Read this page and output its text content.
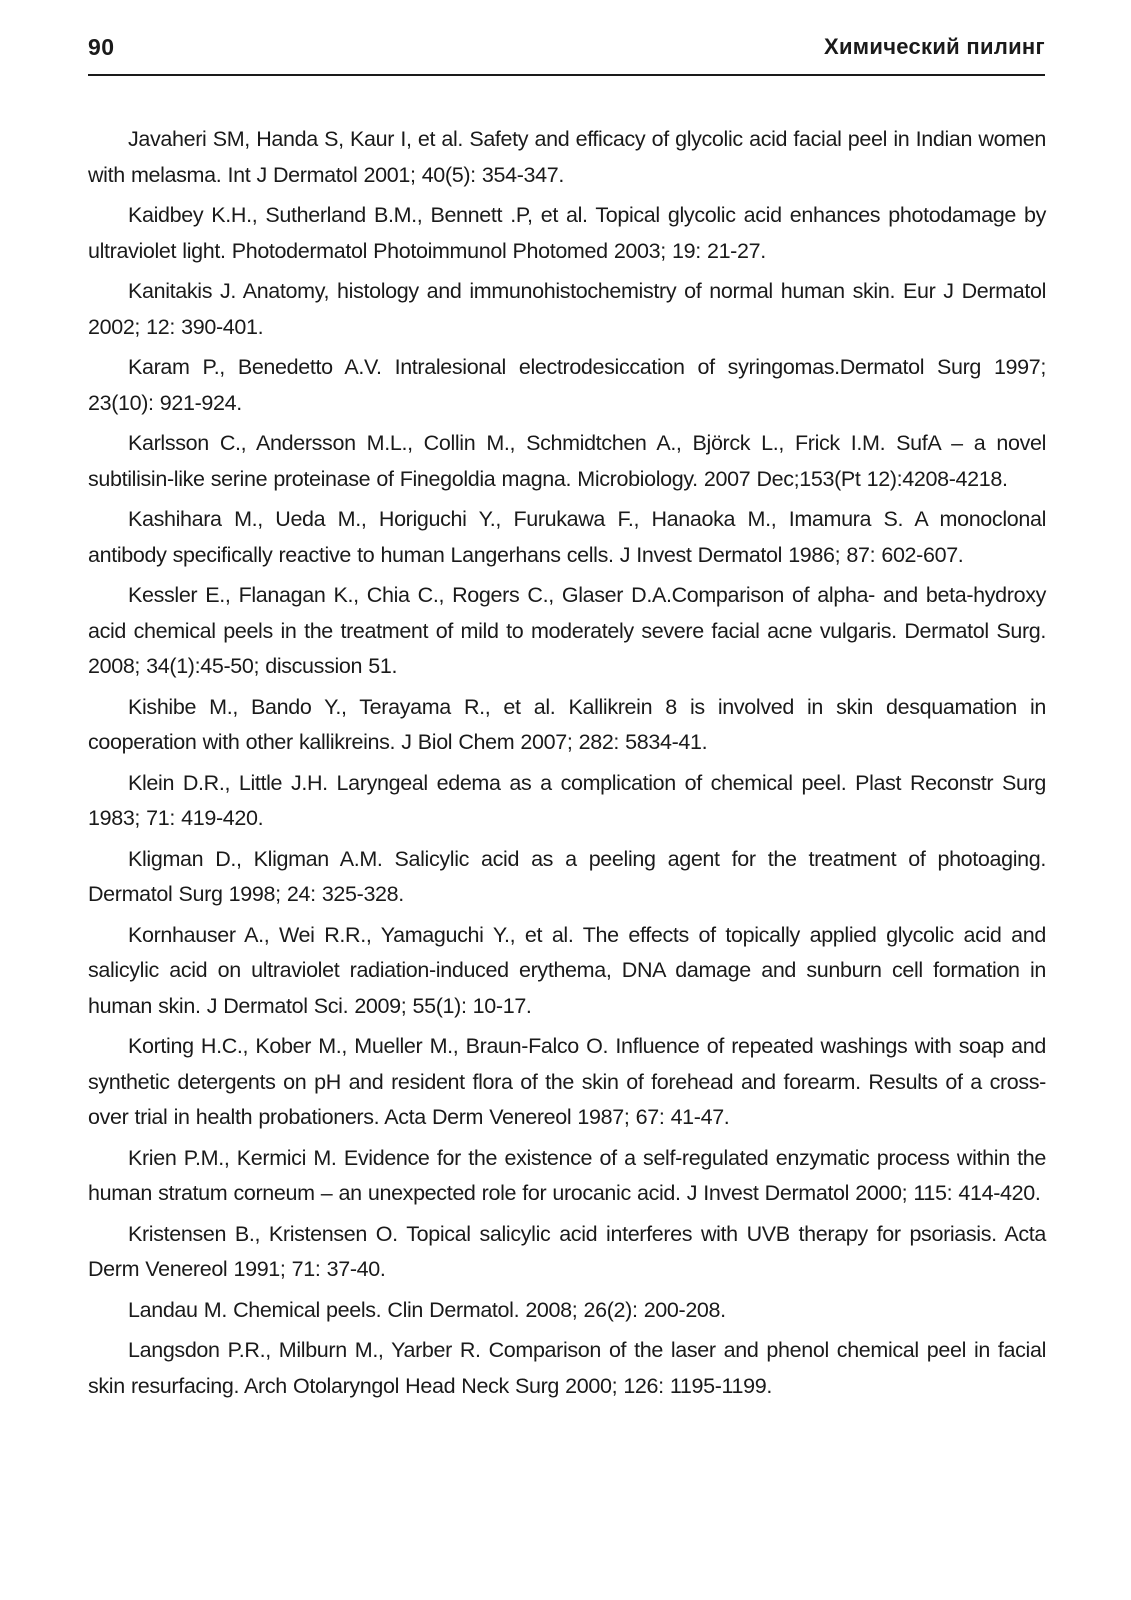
90	Химический пилинг
Javaheri SM, Handa S, Kaur I, et al. Safety and efficacy of glycolic acid facial peel in Indian women with melasma. Int J Dermatol 2001; 40(5): 354-347.
Kaidbey K.H., Sutherland B.M., Bennett .P, et al. Topical glycolic acid enhances photodamage by ultraviolet light. Photodermatol Photoimmunol Photomed 2003; 19: 21-27.
Kanitakis J. Anatomy, histology and immunohistochemistry of normal human skin. Eur J Dermatol 2002; 12: 390-401.
Karam P., Benedetto A.V. Intralesional electrodesiccation of syringomas.Dermatol Surg 1997; 23(10): 921-924.
Karlsson C., Andersson M.L., Collin M., Schmidtchen A., Björck L., Frick I.M. SufA – a novel subtilisin-like serine proteinase of Finegoldia magna. Microbiology. 2007 Dec;153(Pt 12):4208-4218.
Kashihara M., Ueda M., Horiguchi Y., Furukawa F., Hanaoka M., Imamura S. A monoclonal antibody specifically reactive to human Langerhans cells. J Invest Dermatol 1986; 87: 602-607.
Kessler E., Flanagan K., Chia C., Rogers C., Glaser D.A.Comparison of alpha- and beta-hydroxy acid chemical peels in the treatment of mild to moderately severe facial acne vulgaris. Dermatol Surg. 2008; 34(1):45-50; discussion 51.
Kishibe M., Bando Y., Terayama R., et al. Kallikrein 8 is involved in skin desquamation in cooperation with other kallikreins. J Biol Chem 2007; 282: 5834-41.
Klein D.R., Little J.H. Laryngeal edema as a complication of chemical peel. Plast Reconstr Surg 1983; 71: 419-420.
Kligman D., Kligman A.M. Salicylic acid as a peeling agent for the treatment of photoaging. Dermatol Surg 1998; 24: 325-328.
Kornhauser A., Wei R.R., Yamaguchi Y., et al. The effects of topically applied glycolic acid and salicylic acid on ultraviolet radiation-induced erythema, DNA damage and sunburn cell formation in human skin. J Dermatol Sci. 2009; 55(1): 10-17.
Korting H.C., Kober M., Mueller M., Braun-Falco O. Influence of repeated washings with soap and synthetic detergents on pH and resident flora of the skin of forehead and forearm. Results of a cross-over trial in health probationers. Acta Derm Venereol 1987; 67: 41-47.
Krien P.M., Kermici M. Evidence for the existence of a self-regulated enzymatic process within the human stratum corneum – an unexpected role for urocanic acid. J Invest Dermatol 2000; 115: 414-420.
Kristensen B., Kristensen O. Topical salicylic acid interferes with UVB therapy for psoriasis. Acta Derm Venereol 1991; 71: 37-40.
Landau M. Chemical peels. Clin Dermatol. 2008; 26(2): 200-208.
Langsdon P.R., Milburn M., Yarber R. Comparison of the laser and phenol chemical peel in facial skin resurfacing. Arch Otolaryngol Head Neck Surg 2000; 126: 1195-1199.
